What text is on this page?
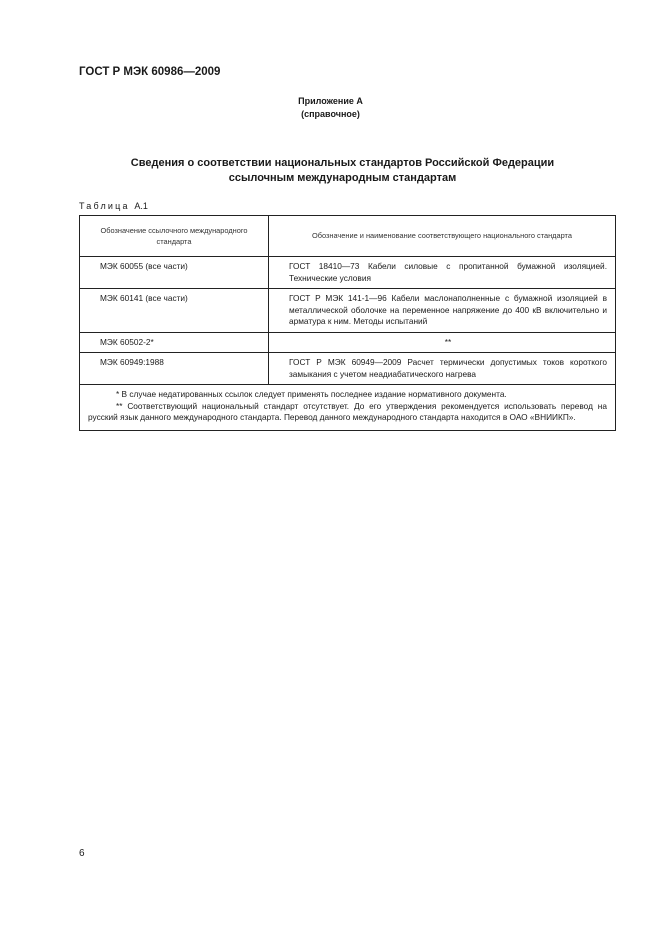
ГОСТ Р МЭК 60986—2009
Приложение А
(справочное)
Сведения о соответствии национальных стандартов Российской Федерации
ссылочным международным стандартам
Таблица А.1
Обозначение ссылочного международного стандарта	Обозначение и наименование соответствующего национального стандарта
МЭК 60055 (все части)	ГОСТ 18410—73 Кабели силовые с пропитанной бумажной изоляцией. Технические условия
МЭК 60141 (все части)	ГОСТ Р МЭК 141-1—96 Кабели маслонаполненные с бумажной изоляцией в металлической оболочке на переменное напряжение до 400 кВ включительно и арматура к ним. Методы испытаний
МЭК 60502-2*	**
МЭК 60949:1988	ГОСТ Р МЭК 60949—2009 Расчет термически допустимых токов короткого замыкания с учетом неадиабатического нагрева

* В случае недатированных ссылок следует применять последнее издание нормативного документа.

** Соответствующий национальный стандарт отсутствует. До его утверждения рекомендуется использовать перевод на русский язык данного международного стандарта. Перевод данного международного стандарта находится в ОАО «ВНИИКП».	

6
